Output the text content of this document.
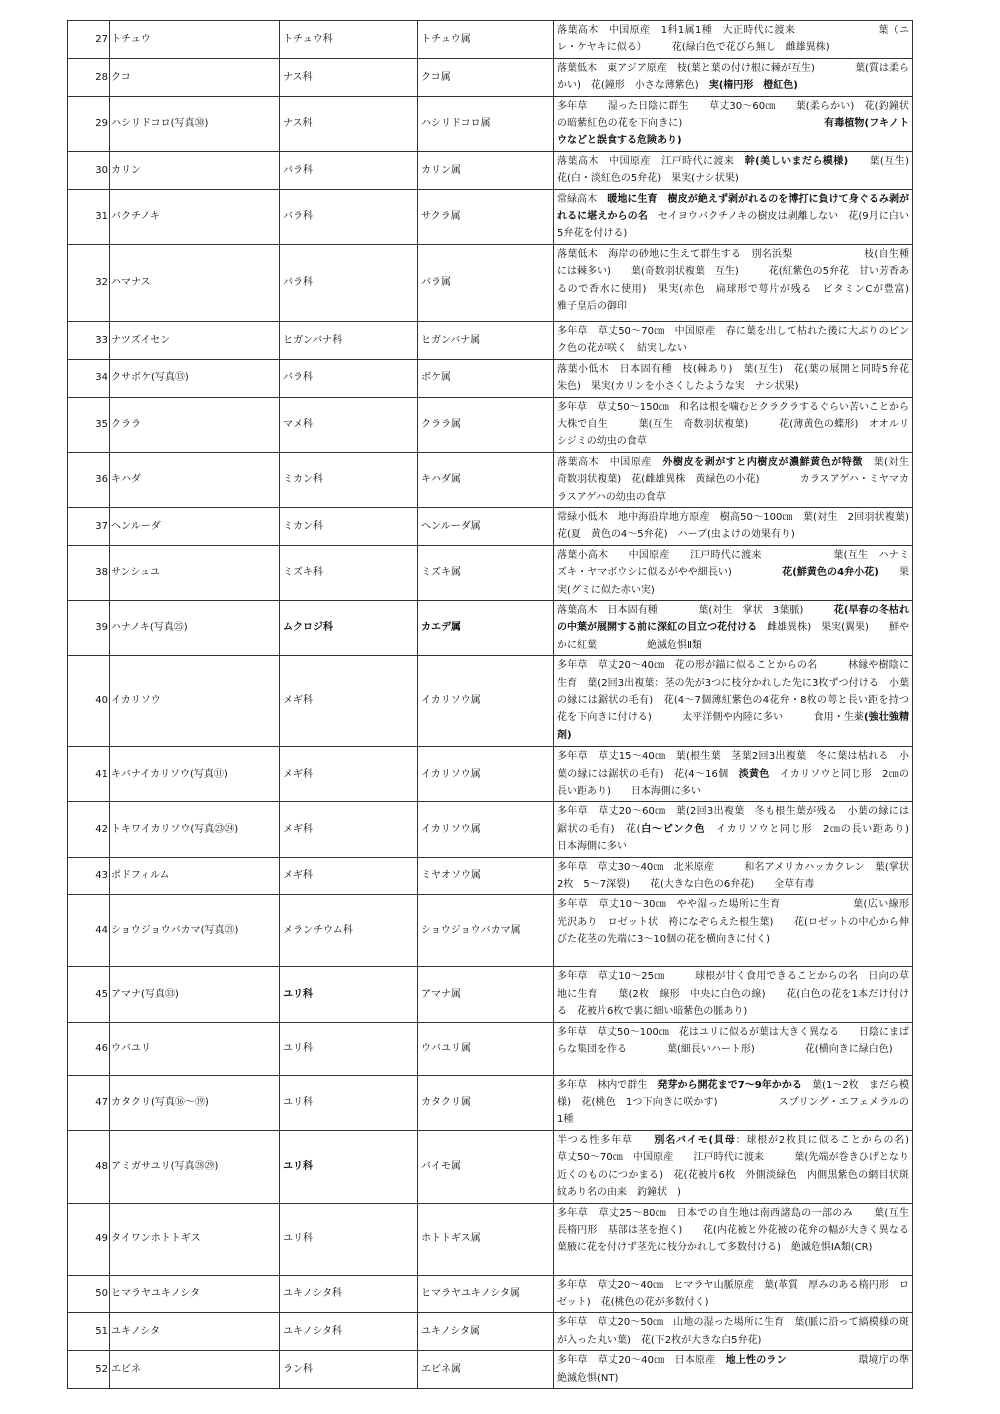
27	トチュウ	トチュウ科	トチュウ属	落葉高木　中国原産　1科1属1種　大正時代に渡来　　　　　　　　葉（ニレ・ケヤキに似る）　　　花(緑白色で花びら無し　雌雄異株)
28	クコ	ナス科	クコ属	落葉低木　東アジア原産　枝(葉と葉の付け根に棘が互生)　　　　葉(質は柔らかい)　花(鐘形　小さな薄紫色)　実(楕円形　橙紅色)
29	ハシリドコロ(写真㉚)	ナス科	ハシリドコロ属	多年草　　湿った日陰に群生　　草丈30～60㎝　　葉(柔らかい)　花(釣鐘状の暗紫紅色の花を下向きに)　　　　　　　　　　　　　　有毒植物(フキノトウなどと誤食する危険あり)
30	カリン	バラ科	カリン属	落葉高木　中国原産　江戸時代に渡来　幹(美しいまだら模様)　　葉(互生)　花(白・淡紅色の5弁花)　果実(ナシ状果)
31	バクチノキ	バラ科	サクラ属	常緑高木　暖地に生育　樹皮が絶えず剥がれるのを博打に負けて身ぐるみ剥がれるに堪えからの名　セイヨウバクチノキの樹皮は剥離しない　花(9月に白い5弁花を付ける)
32	ハマナス	バラ科	バラ属	落葉低木　海岸の砂地に生えて群生する　別名浜梨　　　　　　　枝(自生種には棘多い)　　葉(奇数羽状複葉　互生)　　　花(紅紫色の5弁花　甘い芳香あるので香水に使用)　果実(赤色　扁球形で萼片が残る　ビタミンCが豊富)　　　　　　　雅子皇后の御印
33	ナツズイセン	ヒガンバナ科	ヒガンバナ属	多年草　草丈50～70㎝　中国原産　春に葉を出して枯れた後に大ぶりのピンク色の花が咲く　結実しない
34	クサボケ(写真⑬)	バラ科	ボケ属	落葉小低木　日本固有種　枝(棘あり)　葉(互生)　花(葉の展開と同時5弁花　朱色)　果実(カリンを小さくしたような実　ナシ状果)
35	クララ	マメ科	クララ属	多年草　草丈50～150㎝　和名は根を噛むとクラクラするぐらい苦いことから　　　大株で自生　　　葉(互生　奇数羽状複葉)　　　花(薄黄色の蝶形)　オオルリシジミの幼虫の食草
36	キハダ	ミカン科	キハダ属	落葉高木　中国原産　外樹皮を剥がすと内樹皮が濃鮮黄色が特徴　葉(対生　奇数羽状複葉)　花(雌雄異株　黄緑色の小花)　　　　カラスアゲハ・ミヤマカラスアゲハの幼虫の食草
37	ヘンルーダ	ミカン科	ヘンルーダ属	常緑小低木　地中海沿岸地方原産　樹高50～100㎝　葉(対生　2回羽状複葉)　花(夏　黄色の4～5弁花)　ハーブ(虫よけの効果有り)
38	サンシュユ	ミズキ科	ミズキ属	落葉小高木　　中国原産　　江戸時代に渡来　　　　　　　葉(互生　ハナミズキ・ヤマボウシに似るがやや細長い)　　　　　花(鮮黄色の4弁小花)　　果実(グミに似た赤い実)
39	ハナノキ(写真㉕)	ムクロジ科	カエデ属	落葉高木　日本固有種　　　　葉(対生　掌状　3葉脈)　　　花(早春の冬枯れの中葉が展開する前に深紅の目立つ花付ける　雌雄異株)　果実(翼果)　　鮮やかに紅葉　　　　　絶滅危惧Ⅱ類
40	イカリソウ	メギ科	イカリソウ属	多年草　草丈20～40㎝　花の形が錨に似ることからの名　　　林縁や樹陰に生育　葉(2回3出複葉：茎の先が3つに枝分かれした先に3枚ずつ付ける　小葉の縁には鋸状の毛有)　花(4～7個薄紅紫色の4花弁・8枚の萼と長い距を持つ花を下向きに付ける)　　　太平洋側や内陸に多い　　　食用・生薬(強壮強精剤)
41	キバナイカリソウ(写真⑪)	メギ科	イカリソウ属	多年草　草丈15～40㎝　葉(根生葉　茎葉2回3出複葉　冬に葉は枯れる　小葉の縁には鋸状の毛有)　花(4～16個　淡黄色　イカリソウと同じ形　2㎝の長い距あり)　　日本海側に多い
42	トキワイカリソウ(写真㉓㉔)	メギ科	イカリソウ属	多年草　草丈20～60㎝　葉(2回3出複葉　冬も根生葉が残る　小葉の縁には鋸状の毛有)　花(白～ピンク色　イカリソウと同じ形　2㎝の長い距あり)　　　日本海側に多い
43	ポドフィルム	メギ科	ミヤオソウ属	多年草　草丈30～40㎝　北米原産　　　和名アメリカハッカクレン　葉(掌状2枚　5～7深裂)　　花(大きな白色の6弁花)　　全草有毒
44	ショウジョウバカマ(写真㉑)	メランチウム科	ショウジョウバカマ属	多年草　草丈10～30㎝　やや湿った場所に生育　　　　　　　葉(広い線形　光沢あり　ロゼット状　袴になぞらえた根生葉)　　花(ロゼットの中心から伸びた花茎の先端に3～10個の花を横向きに付く)
45	アマナ(写真㉝)	ユリ科	アマナ属	多年草　草丈10～25㎝　　　球根が甘く食用できることからの名　日向の草地に生育　　葉(2枚　線形　中央に白色の線)　　花(白色の花を1本だけ付ける　花被片6枚で裏に細い暗紫色の脈あり)
46	ウバユリ	ユリ科	ウバユリ属	多年草　草丈50～100㎝　花はユリに似るが葉は大きく異なる　　日陰にまばらな集団を作る　　　　葉(細長いハート形)　　　　　花(横向きに緑白色)
47	カタクリ(写真⑯～⑲)	ユリ科	カタクリ属	多年草　林内で群生　発芽から開花まで7～9年かかる　葉(1～2枚　まだら模様)　花(桃色　1つ下向きに咲かす)　　　　　　スプリング・エフェメラルの1種
48	アミガサユリ(写真㉘㉙)	ユリ科	バイモ属	半つる性多年草　　別名バイモ(貝母：球根が2枚貝に似ることからの名)　　草丈50～70㎝　中国原産　　江戸時代に渡来　　　葉(先端が巻きひげとなり近くのものにつかまる)　花(花被片6枚　外側淡緑色　内側黒紫色の網目状斑紋あり名の由来　釣鐘状　)
49	タイワンホトトギス	ユリ科	ホトトギス属	多年草　草丈25～80㎝　日本での自生地は南西諸島の一部のみ　　葉(互生　長楕円形　基部は茎を抱く)　　花(内花被と外花被の花弁の幅が大きく異なる　葉腋に花を付けず茎先に枝分かれして多数付ける)　絶滅危惧IA類(CR)
50	ヒマラヤユキノシタ	ユキノシタ科	ヒマラヤユキノシタ属	多年草　草丈20～40㎝　ヒマラヤ山脈原産　葉(革質　厚みのある楕円形　ロゼット)　花(桃色の花が多数付く)
51	ユキノシタ	ユキノシタ科	ユキノシタ属	多年草　草丈20～50㎝　山地の湿った場所に生育　葉(脈に沿って縞模様の斑が入った丸い葉)　花(下2枚が大きな白5弁花)
52	エビネ	ラン科	エビネ属	多年草　草丈20～40㎝　日本原産　地上性のラン　　　　　　　環境庁の準絶滅危惧(NT)
